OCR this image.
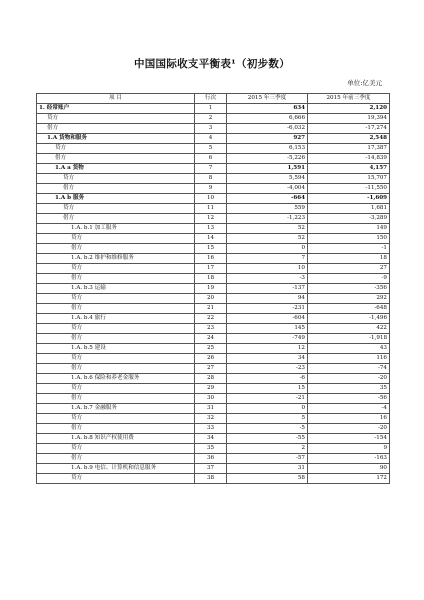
中国国际收支平衡表¹（初步数）
单位:亿美元
项 目	行次	2015 年三季度	2015 年前三季度
1. 经常账户	1	634	2,120
贷方	2	6,666	19,394
借方	3	-6,032	-17,274
1.A 货物和服务	4	927	2,548
贷方	5	6,153	17,387
借方	6	-5,226	-14,839
1.A a 货物	7	1,591	4,157
贷方	8	5,594	15,707
借方	9	-4,004	-11,550
1.A b 服务	10	-664	-1,609
贷方	11	559	1,681
借方	12	-1,223	-3,289
1.A. b.1 加工服务	13	52	149
贷方	14	52	150
借方	15	0	-1
1.A. b.2 维护和维修服务	16	7	18
贷方	17	10	27
借方	18	-3	-9
1.A. b.3 运输	19	-137	-356
贷方	20	94	292
借方	21	-231	-648
1.A. b.4 旅行	22	-604	-1,496
贷方	23	145	422
借方	24	-749	-1,918
1.A. b.5 建设	25	12	43
贷方	26	34	116
借方	27	-23	-74
1.A. b.6 保险和养老金服务	28	-6	-20
贷方	29	15	35
借方	30	-21	-56
1.A. b.7 金融服务	31	0	-4
贷方	32	5	16
借方	33	-5	-20
1.A. b.8 知识产权使用费	34	-55	-154
贷方	35	2	9
借方	36	-57	-163
1.A. b.9 电信、计算机和信息服务	37	31	90
贷方	38	58	172
